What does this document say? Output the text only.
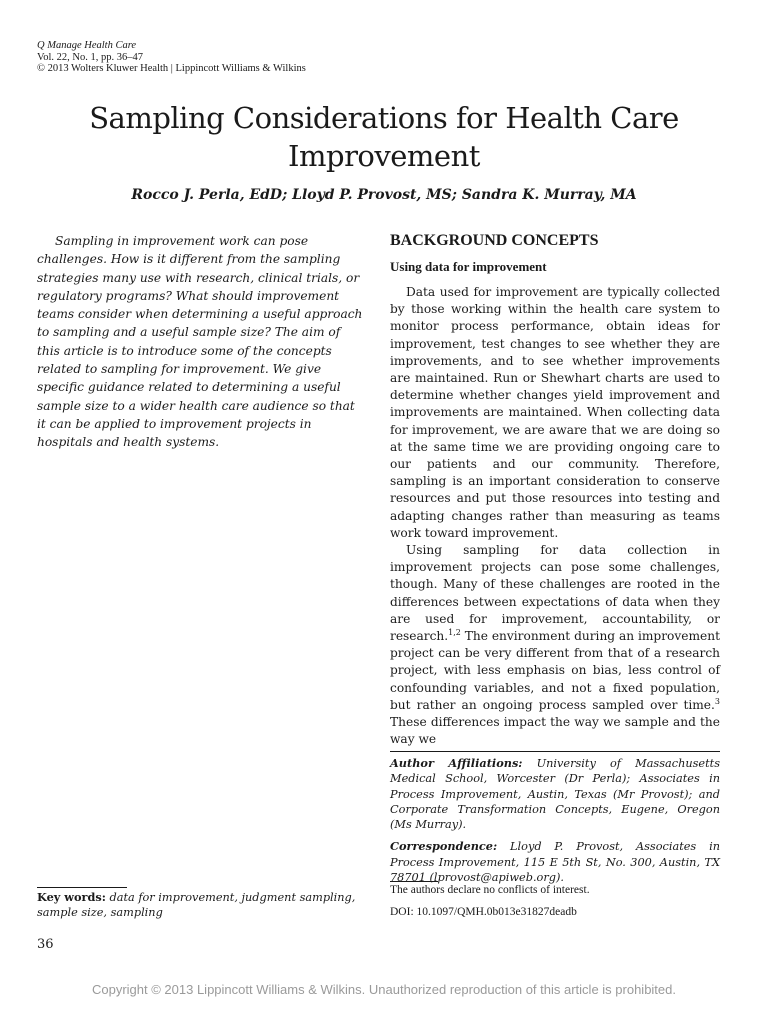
Q Manage Health Care
Vol. 22, No. 1, pp. 36–47
© 2013 Wolters Kluwer Health | Lippincott Williams & Wilkins
Sampling Considerations for Health Care Improvement
Rocco J. Perla, EdD; Lloyd P. Provost, MS; Sandra K. Murray, MA

Sampling in improvement work can pose challenges. How is it different from the sampling strategies many use with research, clinical trials, or regulatory programs? What should improvement teams consider when determining a useful approach to sampling and a useful sample size? The aim of this article is to introduce some of the concepts related to sampling for improvement. We give specific guidance related to determining a useful sample size to a wider health care audience so that it can be applied to improvement projects in hospitals and health systems.

BACKGROUND CONCEPTS
Using data for improvement

Data used for improvement are typically collected by those working within the health care system to monitor process performance, obtain ideas for improvement, test changes to see whether they are improvements, and to see whether improvements are maintained. Run or Shewhart charts are used to determine whether changes yield improvement and improvements are maintained. When collecting data for improvement, we are aware that we are doing so at the same time we are providing ongoing care to our patients and our community. Therefore, sampling is an important consideration to conserve resources and put those resources into testing and adapting changes rather than measuring as teams work toward improvement.

Using sampling for data collection in improvement projects can pose some challenges, though. Many of these challenges are rooted in the differences between expectations of data when they are used for improvement, accountability, or research.$^{1,2}$ The environment during an improvement project can be very different from that of a research project, with less emphasis on bias, less control of confounding variables, and not a fixed population, but rather an ongoing process sampled over time.$^3$ These differences impact the way we sample and the way we

Author Affiliations: University of Massachusetts Medical School, Worcester (Dr Perla); Associates in Process Improvement, Austin, Texas (Mr Provost); and Corporate Transformation Concepts, Eugene, Oregon (Ms Murray).

Correspondence: Lloyd P. Provost, Associates in Process Improvement, 115 E 5th St, No. 300, Austin, TX 78701 (lprovost@apiweb.org).

The authors declare no conflicts of interest.
DOI: 10.1097/QMH.0b013e31827deadb
Key words: data for improvement, judgment sampling, sample size, sampling
36
Copyright © 2013 Lippincott Williams & Wilkins. Unauthorized reproduction of this article is prohibited.
